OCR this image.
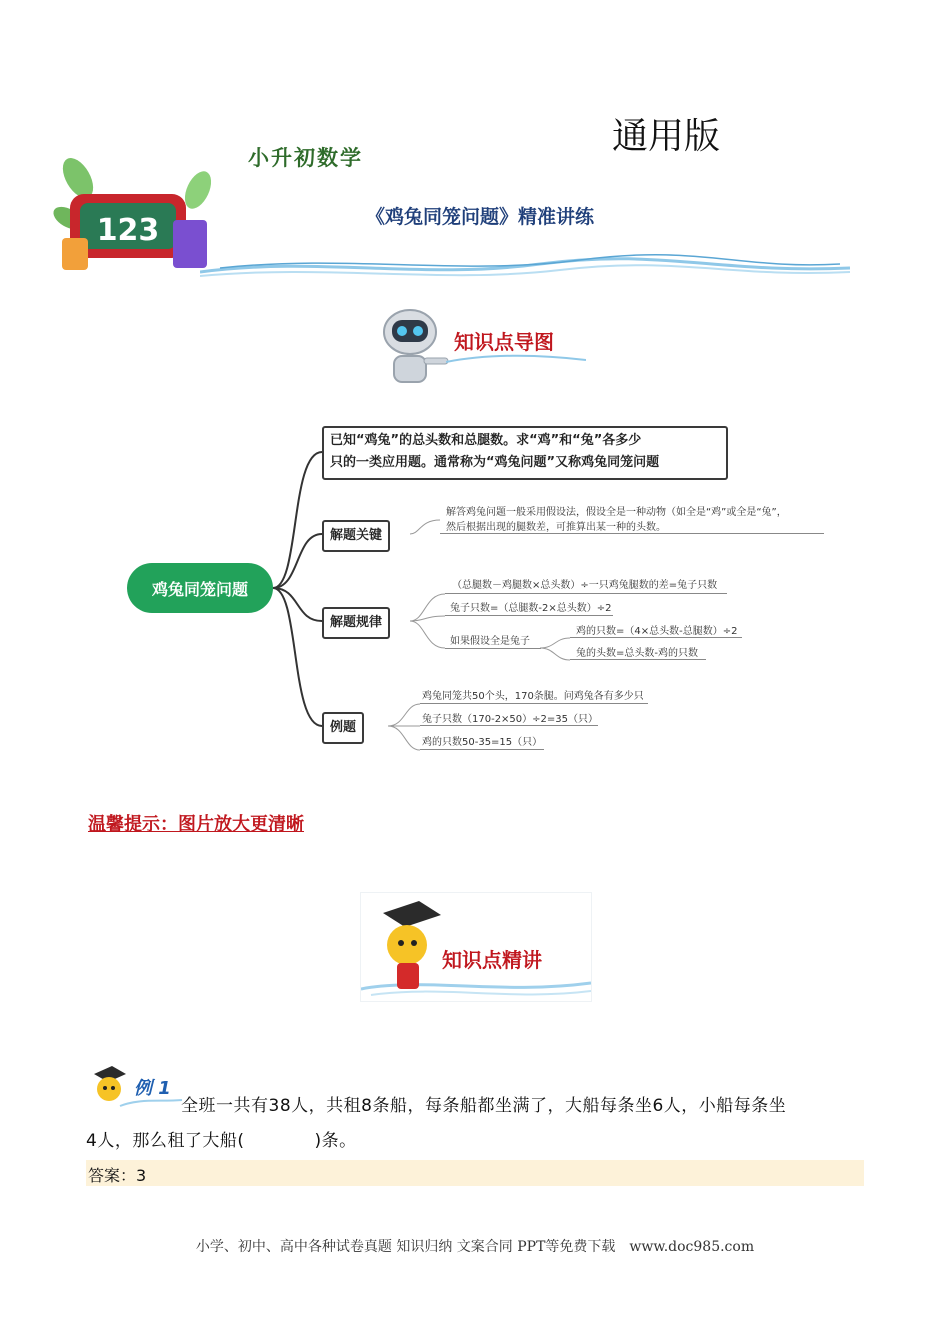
通用版
小升初数学
《鸡兔同笼问题》精准讲练
123
知识点导图
鸡兔同笼问题
已知“鸡兔”的总头数和总腿数。求“鸡”和“兔”各多少
只的一类应用题。通常称为“鸡兔问题”又称鸡兔同笼问题
解题关键
解答鸡兔问题一般采用假设法，假设全是一种动物（如全是“鸡”或全是“兔”，
然后根据出现的腿数差，可推算出某一种的头数。
解题规律
（总腿数－鸡腿数×总头数）÷一只鸡兔腿数的差=兔子只数
兔子只数=（总腿数-2×总头数）÷2
如果假设全是兔子
鸡的只数=（4×总头数-总腿数）÷2
兔的头数=总头数-鸡的只数
例题
鸡兔同笼共50个头，170条腿。问鸡兔各有多少只
兔子只数（170-2×50）÷2=35（只）
鸡的只数50-35=15（只）
温馨提示：图片放大更清晰
知识点精讲
例 1
全班一共有38人，共租8条船，每条船都坐满了，大船每条坐6人，小船每条坐
4人，那么租了大船(　　　　)条。
答案：3
小学、初中、高中各种试卷真题 知识归纳 文案合同 PPT等免费下载　www.doc985.com
